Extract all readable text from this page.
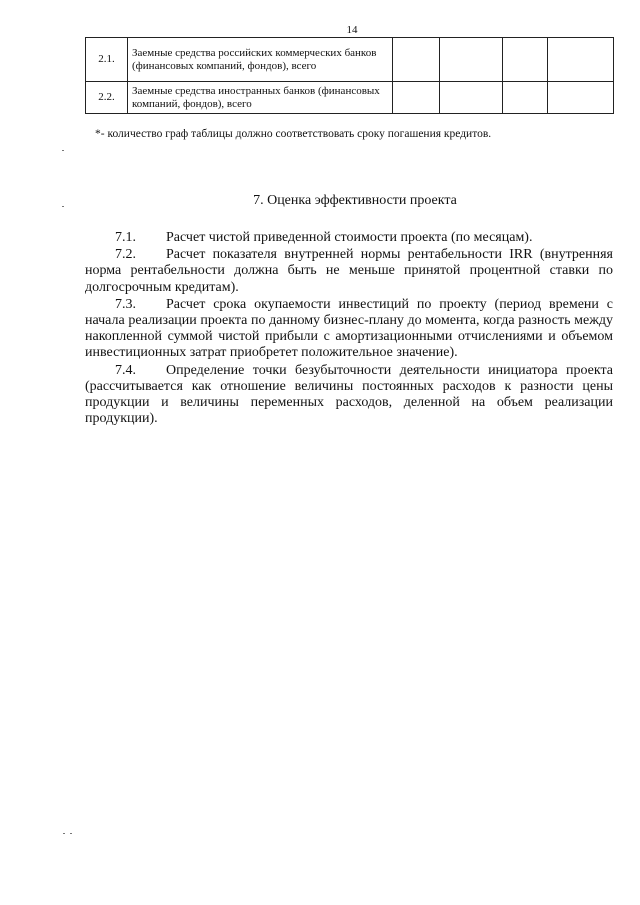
14
2.1.	Заемные средства российских коммерческих банков (финансовых компаний, фондов), всего				
2.2.	Заемные средства иностранных банков (финансовых компаний, фондов), всего				
*- количество граф таблицы должно соответствовать сроку погашения кредитов.
7. Оценка эффективности проекта

7.1. Расчет чистой приведенной стоимости проекта (по месяцам).

7.2. Расчет показателя внутренней нормы рентабельности IRR (внутренняя норма рентабельности должна быть не меньше принятой процентной ставки по долгосрочным кредитам).

7.3. Расчет срока окупаемости инвестиций по проекту (период времени с начала реализации проекта по данному бизнес-плану до момента, когда разность между накопленной суммой чистой прибыли с амортизационными отчислениями и объемом инвестиционных затрат приобретет положительное значение).

7.4. Определение точки безубыточности деятельности инициатора проекта (рассчитывается как отношение величины постоянных расходов к разности цены продукции и величины переменных расходов, деленной на объем реализации продукции).
